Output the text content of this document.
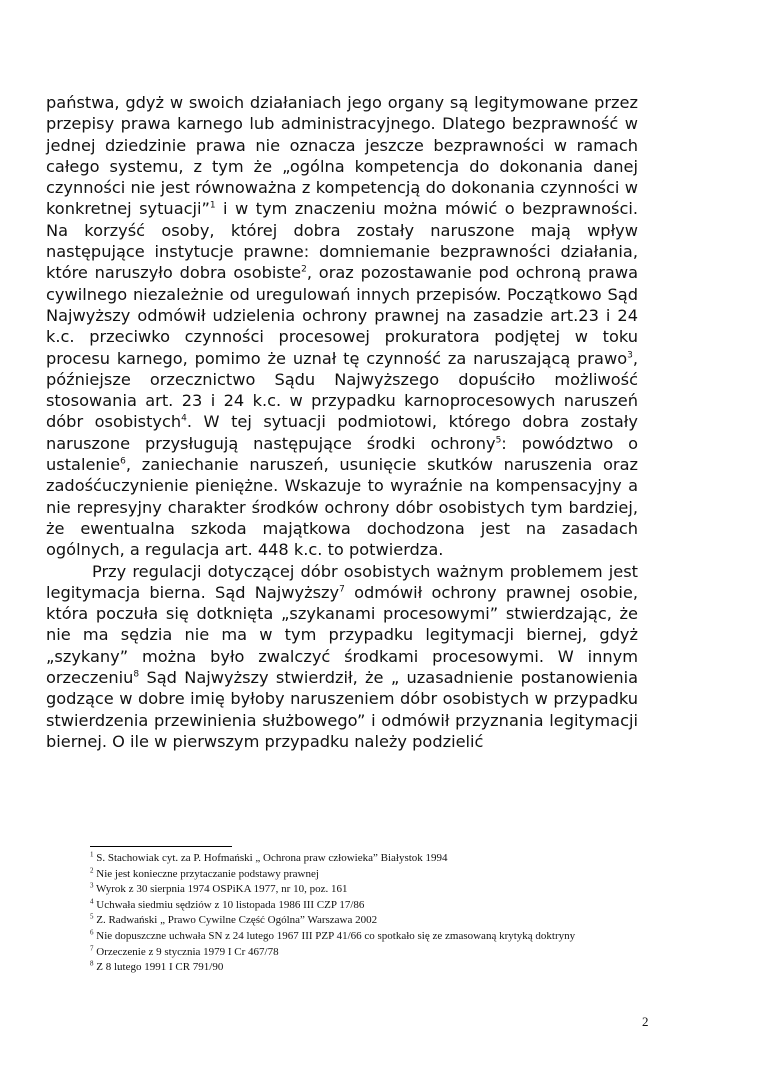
państwa, gdyż w swoich działaniach jego organy są legitymowane przez przepisy prawa karnego lub administracyjnego. Dlatego bezprawność w jednej dziedzinie prawa nie oznacza jeszcze bezprawności w ramach całego systemu, z tym że „ogólna kompetencja do dokonania danej czynności nie jest równoważna z kompetencją do dokonania czynności w konkretnej sytuacji”$^1$ i w tym znaczeniu można mówić o bezprawności. Na korzyść osoby, której dobra zostały naruszone mają wpływ następujące instytucje prawne: domniemanie bezprawności działania, które naruszyło dobra osobiste$^2$, oraz pozostawanie pod ochroną prawa cywilnego niezależnie od uregulowań innych przepisów. Początkowo Sąd Najwyższy odmówił udzielenia ochrony prawnej na zasadzie art.23 i 24 k.c. przeciwko czynności procesowej prokuratora podjętej w toku procesu karnego, pomimo że uznał tę czynność za naruszającą prawo$^3$, późniejsze orzecznictwo Sądu Najwyższego dopuściło możliwość stosowania art. 23 i 24 k.c. w przypadku karnoprocesowych naruszeń dóbr osobistych$^4$. W tej sytuacji podmiotowi, którego dobra zostały naruszone przysługują następujące środki ochrony$^5$: powództwo o ustalenie$^6$, zaniechanie naruszeń, usunięcie skutków naruszenia oraz zadośćuczynienie pieniężne. Wskazuje to wyraźnie na kompensacyjny a nie represyjny charakter środków ochrony dóbr osobistych tym bardziej, że ewentualna szkoda majątkowa dochodzona jest na zasadach ogólnych, a regulacja art. 448 k.c. to potwierdza.

Przy regulacji dotyczącej dóbr osobistych ważnym problemem jest legitymacja bierna. Sąd Najwyższy$^7$ odmówił ochrony prawnej osobie, która poczuła się dotknięta „szykanami procesowymi” stwierdzając, że nie ma sędzia nie ma w tym przypadku legitymacji biernej, gdyż „szykany” można było zwalczyć środkami procesowymi. W innym orzeczeniu$^8$ Sąd Najwyższy stwierdził, że „ uzasadnienie postanowienia godzące w dobre imię byłoby naruszeniem dóbr osobistych w przypadku stwierdzenia przewinienia służbowego” i odmówił przyznania legitymacji biernej. O ile w pierwszym przypadku należy podzielić

$^1$ S. Stachowiak cyt. za P. Hofmański „ Ochrona praw człowieka” Białystok 1994

$^2$ Nie jest konieczne przytaczanie podstawy prawnej

$^3$ Wyrok z 30 sierpnia 1974 OSPiKA 1977, nr 10, poz. 161

$^4$ Uchwała siedmiu sędziów z 10 listopada 1986 III CZP 17/86

$^5$ Z. Radwański „ Prawo Cywilne Część Ogólna” Warszawa 2002

$^6$ Nie dopuszczne uchwała SN z 24 lutego 1967 III PZP 41/66 co spotkało się ze zmasowaną krytyką doktryny

$^7$ Orzeczenie z 9 stycznia 1979 I Cr 467/78

$^8$ Z 8 lutego 1991 I CR 791/90

2
